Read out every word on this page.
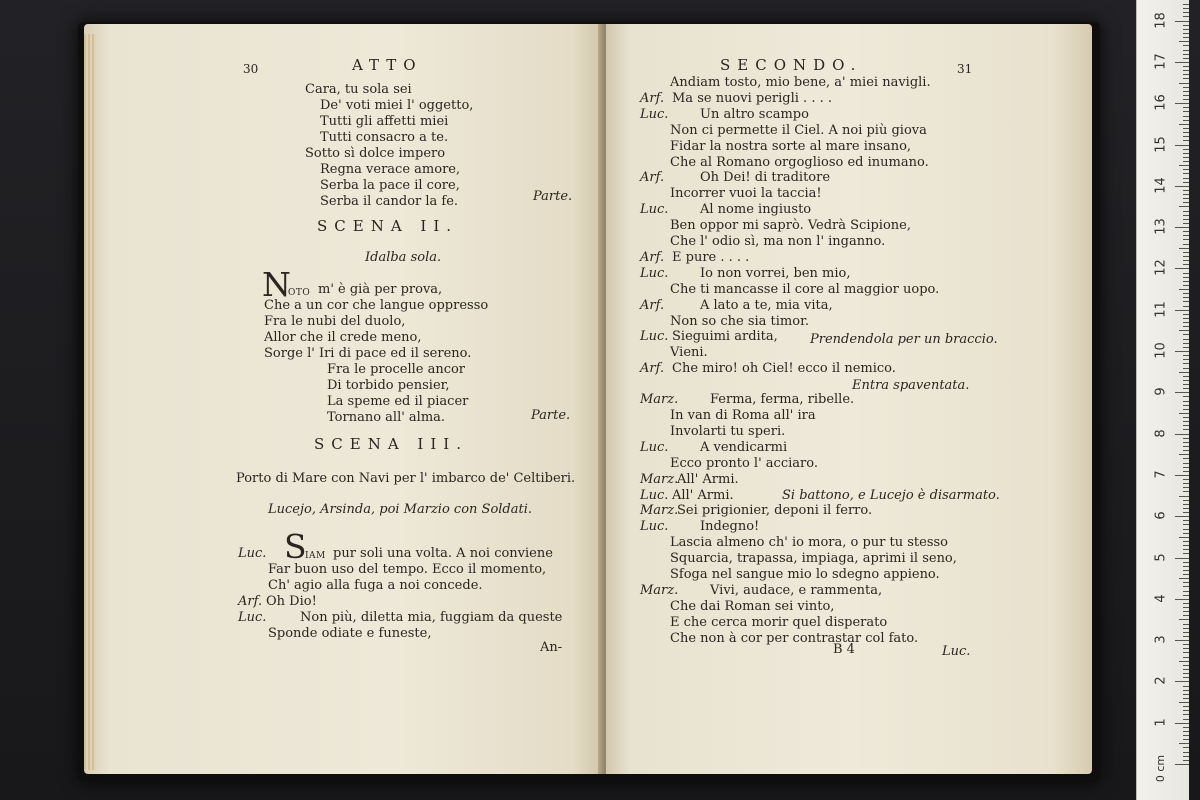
30	ATTO
Cara, tu sola sei
De' voti miei l' oggetto,
Tutti gli affetti miei
Tutti consacro a te.
Sotto sì dolce impero
Regna verace amore,
Serba la pace il core,
Serba il candor la fe.	Parte.
SCENA II.
Idalba sola.
N
OTO m' è già per prova,
Che a un cor che langue oppresso
Fra le nubi del duolo,
Allor che il crede meno,
Sorge l' Iri di pace ed il sereno.
Fra le procelle ancor
Di torbido pensier,
La speme ed il piacer
Tornano all' alma.	Parte.
SCENA III.
Porto di Mare con Navi per l' imbarco de' Celtiberi.
Lucejo, Arsinda, poi Marzio con Soldati.
Luc. S
IAM pur soli una volta. A noi conviene
Far buon uso del tempo. Ecco il momento,
Ch' agio alla fuga a noi concede.
Arf. Oh Dio!
Luc.	Non più, diletta mia, fuggiam da queste
Sponde odiate e funeste,
An-
SECONDO.	31
Andiam tosto, mio bene, a' miei navigli.
Arf. Ma se nuovi perigli . . . .
Luc. Un altro scampo
Non ci permette il Ciel. A noi più giova
Fidar la nostra sorte al mare insano,
Che al Romano orgoglioso ed inumano.
Arf.	Oh Dei! di traditore
Incorrer vuoi la taccia!
Luc. Al nome ingiusto
Ben oppor mi saprò. Vedrà Scipione,
Che l' odio sì, ma non l' inganno.
Arf. E pure . . . .
Luc. Io non vorrei, ben mio,
Che ti mancasse il core al maggior uopo.
Arf.	A lato a te, mia vita,
Non so che sia timor.
Luc. Sieguimi ardita,
Vieni.
Arf. Che miro! oh Ciel! ecco il nemico.
Marz. Ferma, ferma, ribelle.
In van di Roma all' ira
Involarti tu speri.
Luc. A vendicarmi
Ecco pronto l' acciaro.
Marz.
All' Armi.
Luc. All' Armi.
Marz.
Sei prigionier, deponi il ferro.
Luc. Indegno!
Lascia almeno ch' io mora, o pur tu stesso
Squarcia, trapassa, impiaga, aprimi il seno,
Sfoga nel sangue mio lo sdegno appieno.
Marz. Vivi, audace, e rammenta,
Che dai Roman sei vinto,
E che cerca morir quel disperato
Che non à cor per contrastar col fato.
Prendendola per un braccio.
Entra spaventata.
Si battono, e Lucejo è disarmato.
B 4	Luc.
1
2
3
4
5
6
7
8
9
10
11
12
13
14
15
16
17
18
0 cm
